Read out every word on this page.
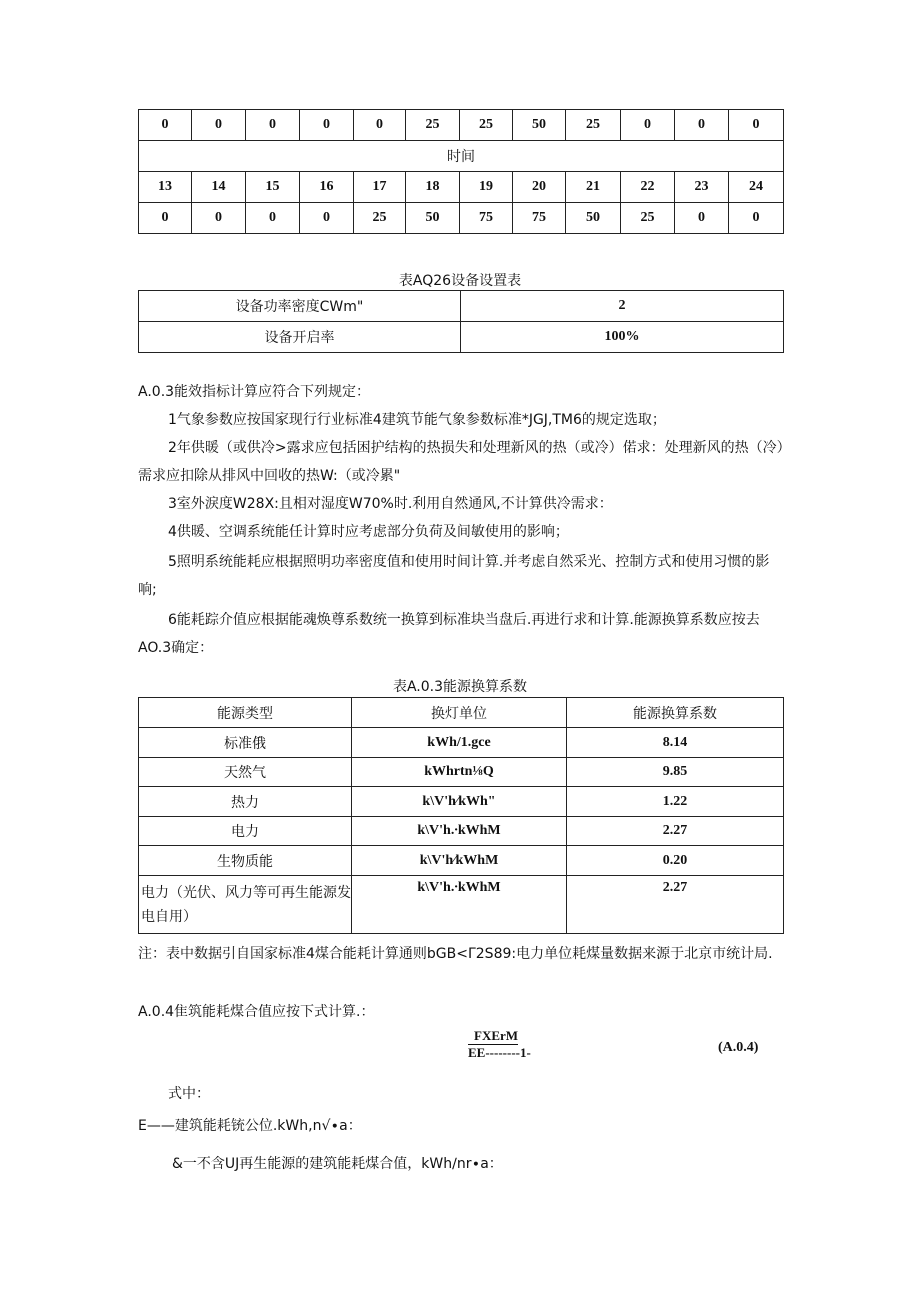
0	0	0	0	0	25	25	50	25	0	0	0
时间											
13	14	15	16	17	18	19	20	21	22	23	24
0	0	0	0	25	50	75	75	50	25	0	0
表AQ26设备设置表
设备功率密度CWm"	2
设备开启率	100%
A.0.3能效指标计算应符合下列规定：
1气象参数应按国家现行行业标准4建筑节能气象参数标准*JGJ,TM6的规定选取；
2年供暖（或供冷>露求应包括困护结构的热损失和处理新风的热（或冷）偌求：处理新风的热（冷）需求应扣除从排风中回收的热W:（或冷累"
3室外淚度W28X:且相对湿度W70%时.利用自然通风,不计算供冷需求：
4供暖、空调系统能任计算时应考虑部分负荷及间敏使用的影响；
5照明系统能耗应根据照明功率密度值和使用时间计算.并考虑自然采光、控制方式和使用习惯的影响;
6能耗踪介值应根据能魂焕尊系数统一换算到标准块当盘后.再进行求和计算.能源换算系数应按去AO.3确定：
表A.0.3能源换算系数
能源类型	换灯单位	能源换算系数
标准俄	kWh/1.gce	8.14
天然气	kWhrtn⅛Q	9.85
热力	k\V'h∕kWh"	1.22
电力	k\V'h.∙kWhM	2.27
生物质能	k\V'h∕kWhM	0.20
电力（光伏、风力等可再生能源发电自用）	k\V'h.∙kWhM	2.27
注：表中数据引自国家标准4煤合能耗计算通则bGB<Γ2S89:电力单位耗煤量数据来源于北京市统计局.
A.0.4隹筑能耗煤合值应按下式计算.：
FXErM
EE--------1-	(A.0.4)
式中：
E——建筑能耗铳公位.kWh,n√∙a：
&一不含UJ再生能源的建筑能耗煤合值，kWh∕nr∙a：
